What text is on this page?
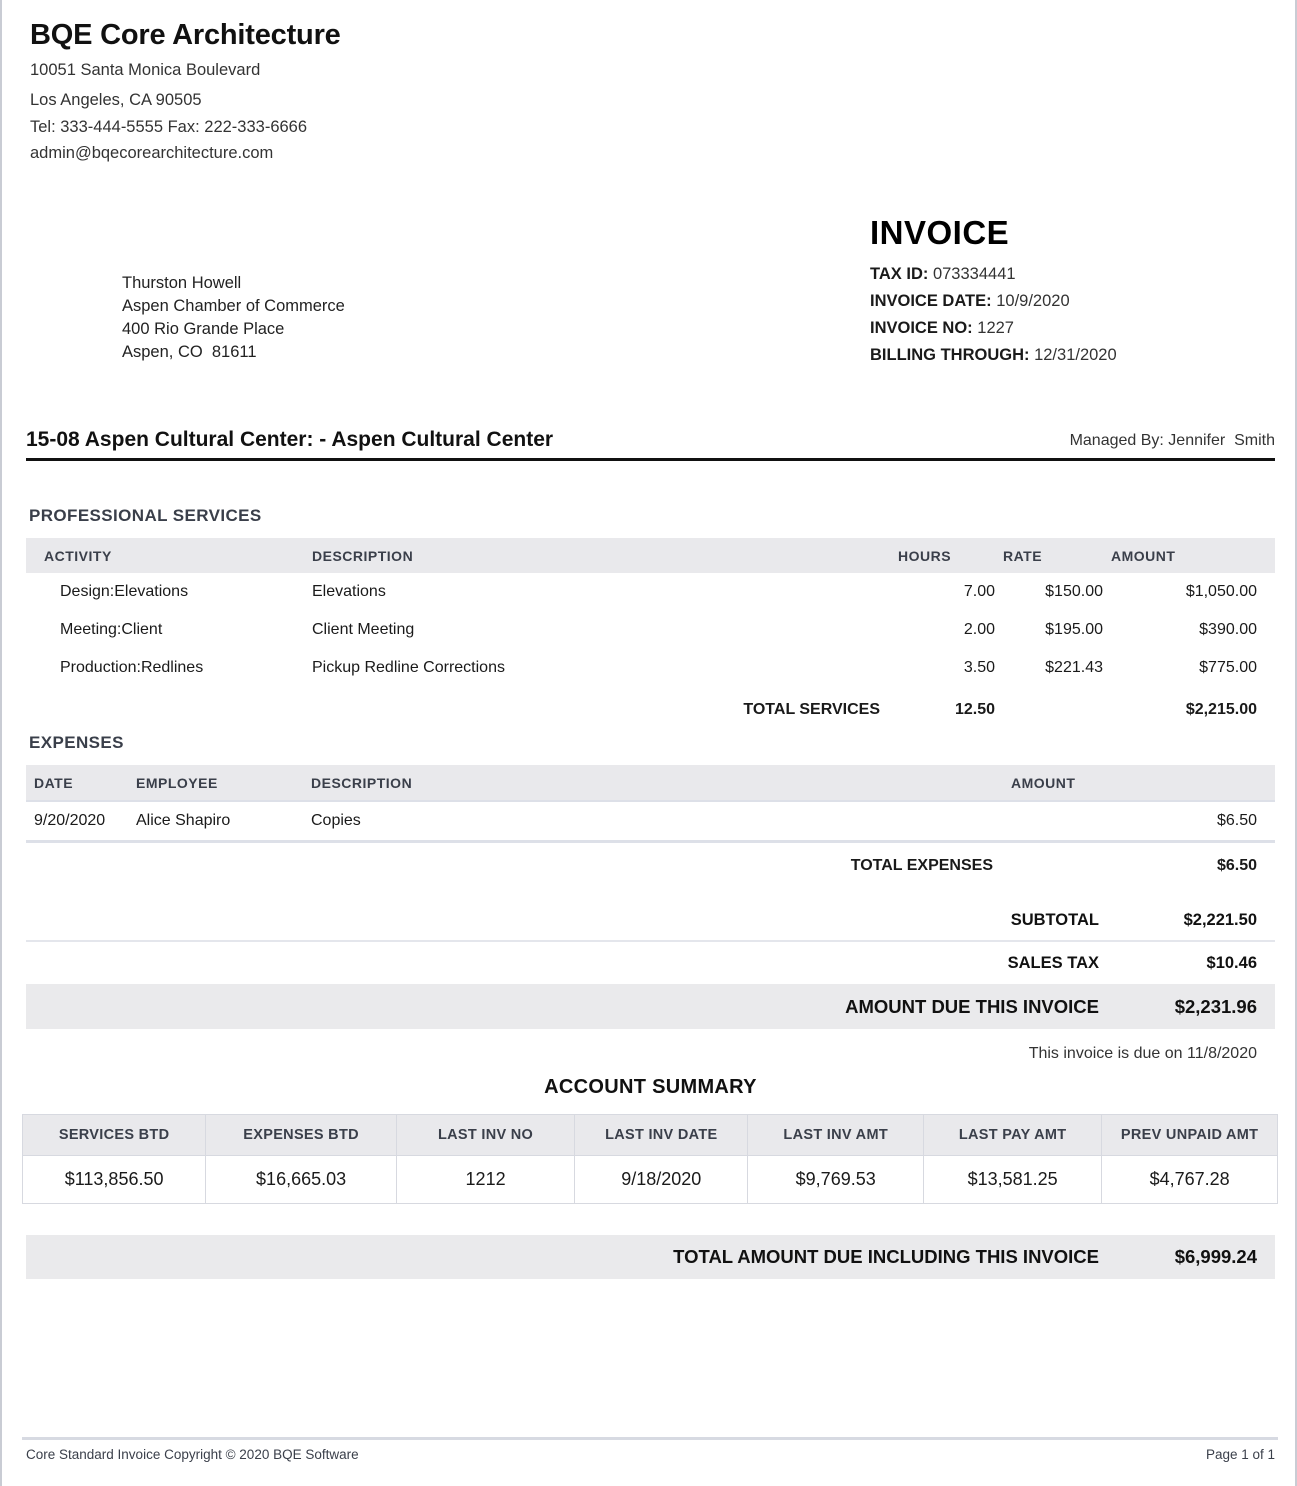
BQE Core Architecture
10051 Santa Monica Boulevard
Los Angeles, CA 90505
Tel: 333-444-5555 Fax: 222-333-6666
admin@bqecorearchitecture.com
Thurston Howell
Aspen Chamber of Commerce
400 Rio Grande Place
Aspen, CO  81611
INVOICE
TAX ID: 073334441
INVOICE DATE: 10/9/2020
INVOICE NO: 1227
BILLING THROUGH: 12/31/2020
15-08 Aspen Cultural Center: - Aspen Cultural Center	Managed By: Jennifer  Smith
PROFESSIONAL SERVICES
ACTIVITY	DESCRIPTION	HOURS	RATE	AMOUNT
Design:Elevations	Elevations	7.00	$150.00	$1,050.00
Meeting:Client	Client Meeting	2.00	$195.00	$390.00
Production:Redlines	Pickup Redline Corrections	3.50	$221.43	$775.00
	TOTAL SERVICES	12.50		$2,215.00
EXPENSES
DATE	EMPLOYEE	DESCRIPTION	AMOUNT
9/20/2020	Alice Shapiro	Copies	$6.50
		TOTAL EXPENSES	$6.50
SUBTOTAL	$2,221.50
SALES TAX	$10.46
AMOUNT DUE THIS INVOICE	$2,231.96
This invoice is due on 11/8/2020
ACCOUNT SUMMARY
SERVICES BTD	EXPENSES BTD	LAST INV NO	LAST INV DATE	LAST INV AMT	LAST PAY AMT	PREV UNPAID AMT
$113,856.50	$16,665.03	1212	9/18/2020	$9,769.53	$13,581.25	$4,767.28
TOTAL AMOUNT DUE INCLUDING THIS INVOICE	$6,999.24
Core Standard Invoice Copyright © 2020 BQE Software	Page 1 of 1
